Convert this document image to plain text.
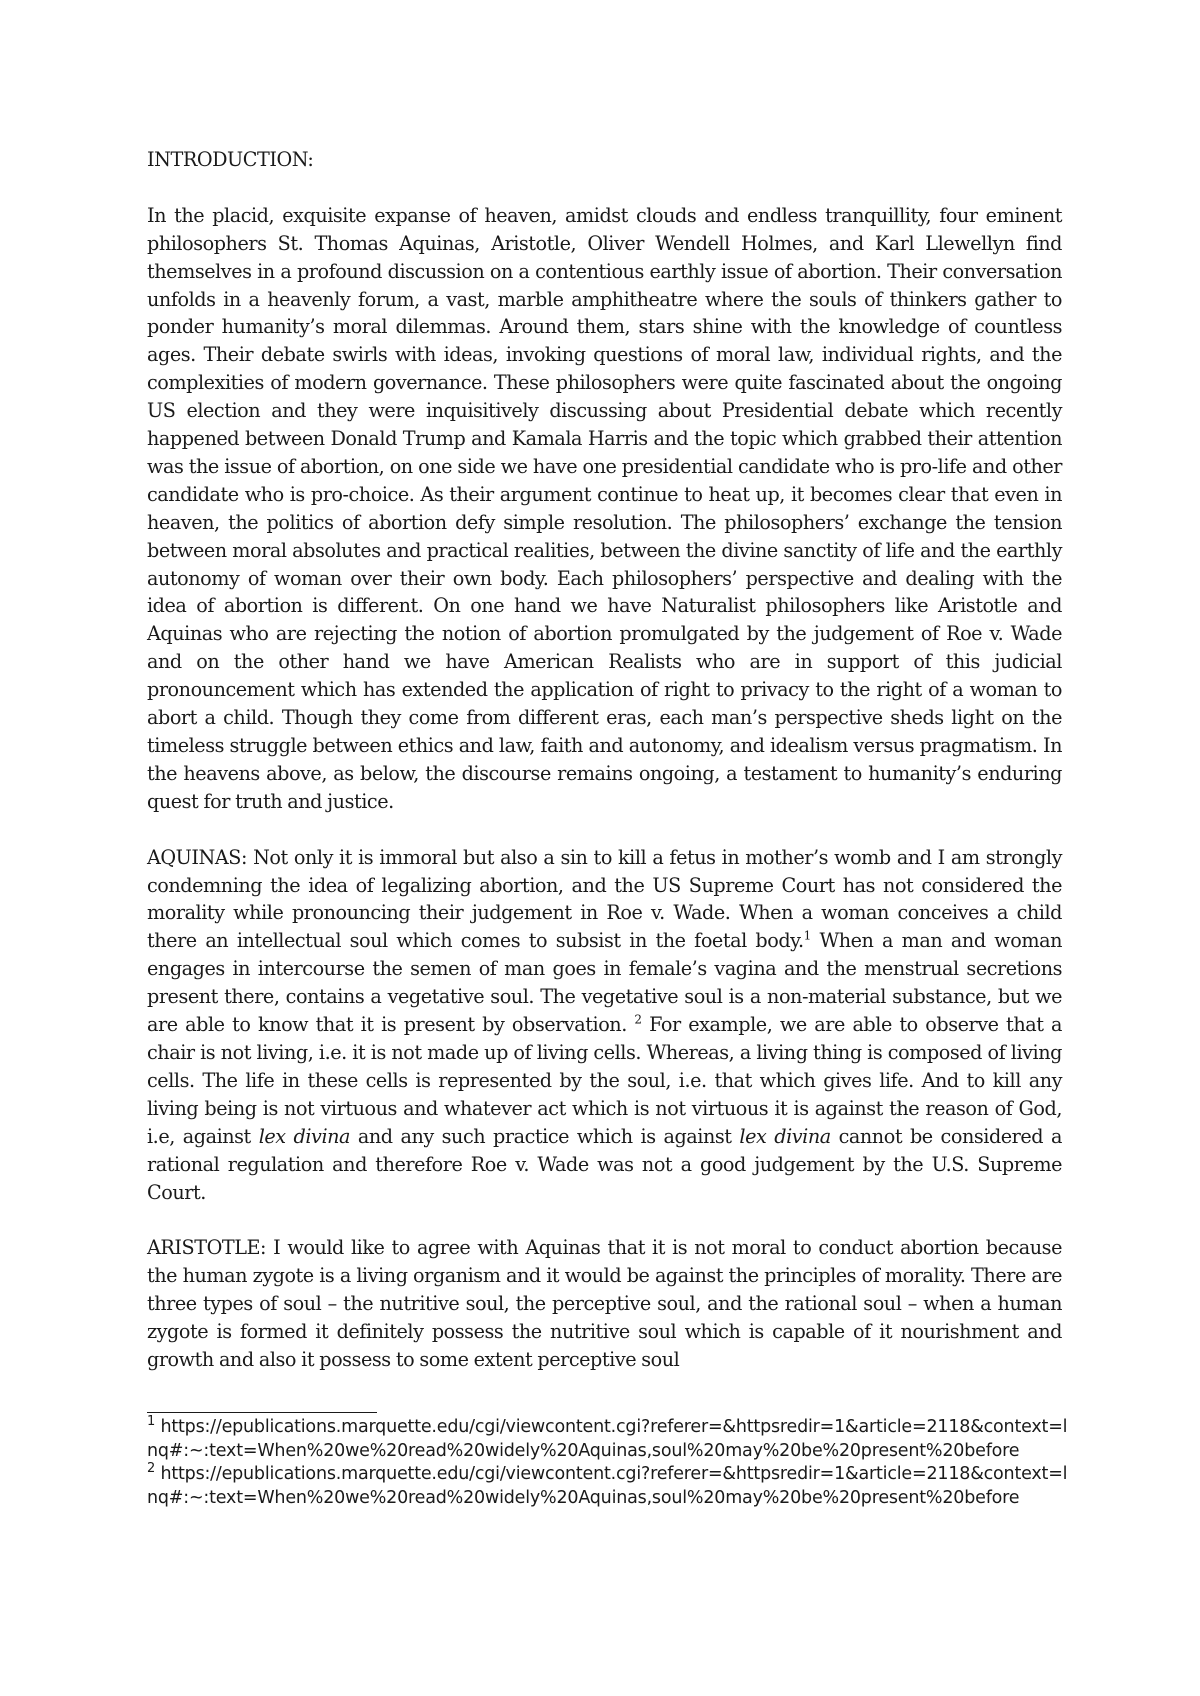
INTRODUCTION:

In the placid, exquisite expanse of heaven, amidst clouds and endless tranquillity, four eminent philosophers St. Thomas Aquinas, Aristotle, Oliver Wendell Holmes, and Karl Llewellyn find themselves in a profound discussion on a contentious earthly issue of abortion. Their conversation unfolds in a heavenly forum, a vast, marble amphitheatre where the souls of thinkers gather to ponder humanity’s moral dilemmas. Around them, stars shine with the knowledge of countless ages. Their debate swirls with ideas, invoking questions of moral law, individual rights, and the complexities of modern governance. These philosophers were quite fascinated about the ongoing US election and they were inquisitively discussing about Presidential debate which recently happened between Donald Trump and Kamala Harris and the topic which grabbed their attention was the issue of abortion, on one side we have one presidential candidate who is pro-life and other candidate who is pro-choice. As their argument continue to heat up, it becomes clear that even in heaven, the politics of abortion defy simple resolution. The philosophers’ exchange the tension between moral absolutes and practical realities, between the divine sanctity of life and the earthly autonomy of woman over their own body. Each philosophers’ perspective and dealing with the idea of abortion is different. On one hand we have Naturalist philosophers like Aristotle and Aquinas who are rejecting the notion of abortion promulgated by the judgement of Roe v. Wade and on the other hand we have American Realists who are in support of this judicial pronouncement which has extended the application of right to privacy to the right of a woman to abort a child. Though they come from different eras, each man’s perspective sheds light on the timeless struggle between ethics and law, faith and autonomy, and idealism versus pragmatism. In the heavens above, as below, the discourse remains ongoing, a testament to humanity’s enduring quest for truth and justice.

AQUINAS: Not only it is immoral but also a sin to kill a fetus in mother’s womb and I am strongly condemning the idea of legalizing abortion, and the US Supreme Court has not considered the morality while pronouncing their judgement in Roe v. Wade. When a woman conceives a child there an intellectual soul which comes to subsist in the foetal body.$^1$ When a man and woman engages in intercourse the semen of man goes in female’s vagina and the menstrual secretions present there, contains a vegetative soul. The vegetative soul is a non-material substance, but we are able to know that it is present by observation. $^2$ For example, we are able to observe that a chair is not living, i.e. it is not made up of living cells. Whereas, a living thing is composed of living cells. The life in these cells is represented by the soul, i.e. that which gives life. And to kill any living being is not virtuous and whatever act which is not virtuous it is against the reason of God, i.e, against lex divina and any such practice which is against lex divina cannot be considered a rational regulation and therefore Roe v. Wade was not a good judgement by the U.S. Supreme Court.

ARISTOTLE: I would like to agree with Aquinas that it is not moral to conduct abortion because the human zygote is a living organism and it would be against the principles of morality. There are three types of soul – the nutritive soul, the perceptive soul, and the rational soul – when a human zygote is formed it definitely possess the nutritive soul which is capable of it nourishment and growth and also it possess to some extent perceptive soul

$^1$ https://epublications.marquette.edu/cgi/viewcontent.cgi?referer=&httpsredir=1&article=2118&context=lnq#:~:text=When%20we%20read%20widely%20Aquinas,soul%20may%20be%20present%20before

$^2$ https://epublications.marquette.edu/cgi/viewcontent.cgi?referer=&httpsredir=1&article=2118&context=lnq#:~:text=When%20we%20read%20widely%20Aquinas,soul%20may%20be%20present%20before
